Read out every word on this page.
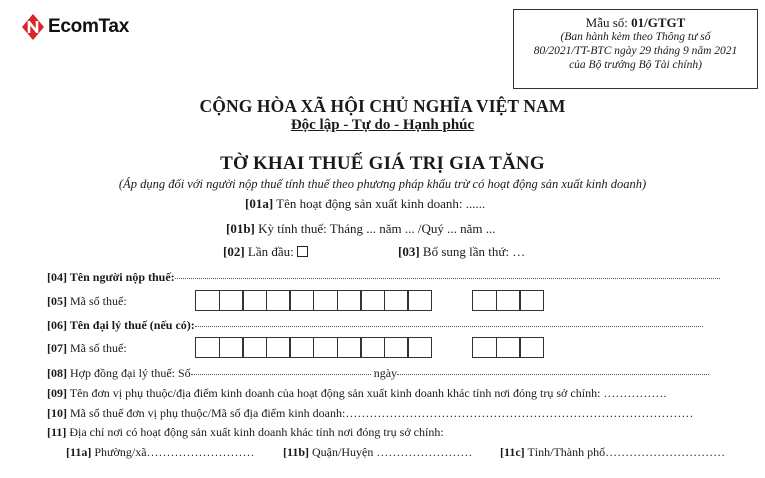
EcomTax	Mẫu số: 01/GTGT
(Ban hành kèm theo Thông tư số
80/2021/TT-BTC ngày 29 tháng 9 năm 2021
của Bộ trưởng Bộ Tài chính)
CỘNG HÒA XÃ HỘI CHỦ NGHĨA VIỆT NAM
Độc lập - Tự do - Hạnh phúc
TỜ KHAI THUẾ GIÁ TRỊ GIA TĂNG
(Áp dụng đối với người nộp thuế tính thuế theo phương pháp khấu trừ có hoạt động sản xuất kinh doanh)
[01a] Tên hoạt động sản xuất kinh doanh: ......
[01b] Kỳ tính thuế: Tháng ... năm ... /Quý ... năm ...
[02] Lần đầu:	[03] Bổ sung lần thứ: …
[04] Tên người nộp thuế:
[05] Mã số thuế:
[06] Tên đại lý thuế (nếu có):
[07] Mã số thuế:
[08] Hợp đồng đại lý thuế: Số	ngày
[09] Tên đơn vị phụ thuộc/địa điểm kinh doanh của hoạt động sản xuất kinh doanh khác tỉnh nơi đóng trụ sở chính: …………….
[10] Mã số thuế đơn vị phụ thuộc/Mã số địa điểm kinh doanh:……………………………………………………………………………
[11] Địa chỉ nơi có hoạt động sản xuất kinh doanh khác tỉnh nơi đóng trụ sở chính:
[11a] Phường/xã……………………… [11b] Quận/Huyện …………………… [11c] Tỉnh/Thành phố…………………………
